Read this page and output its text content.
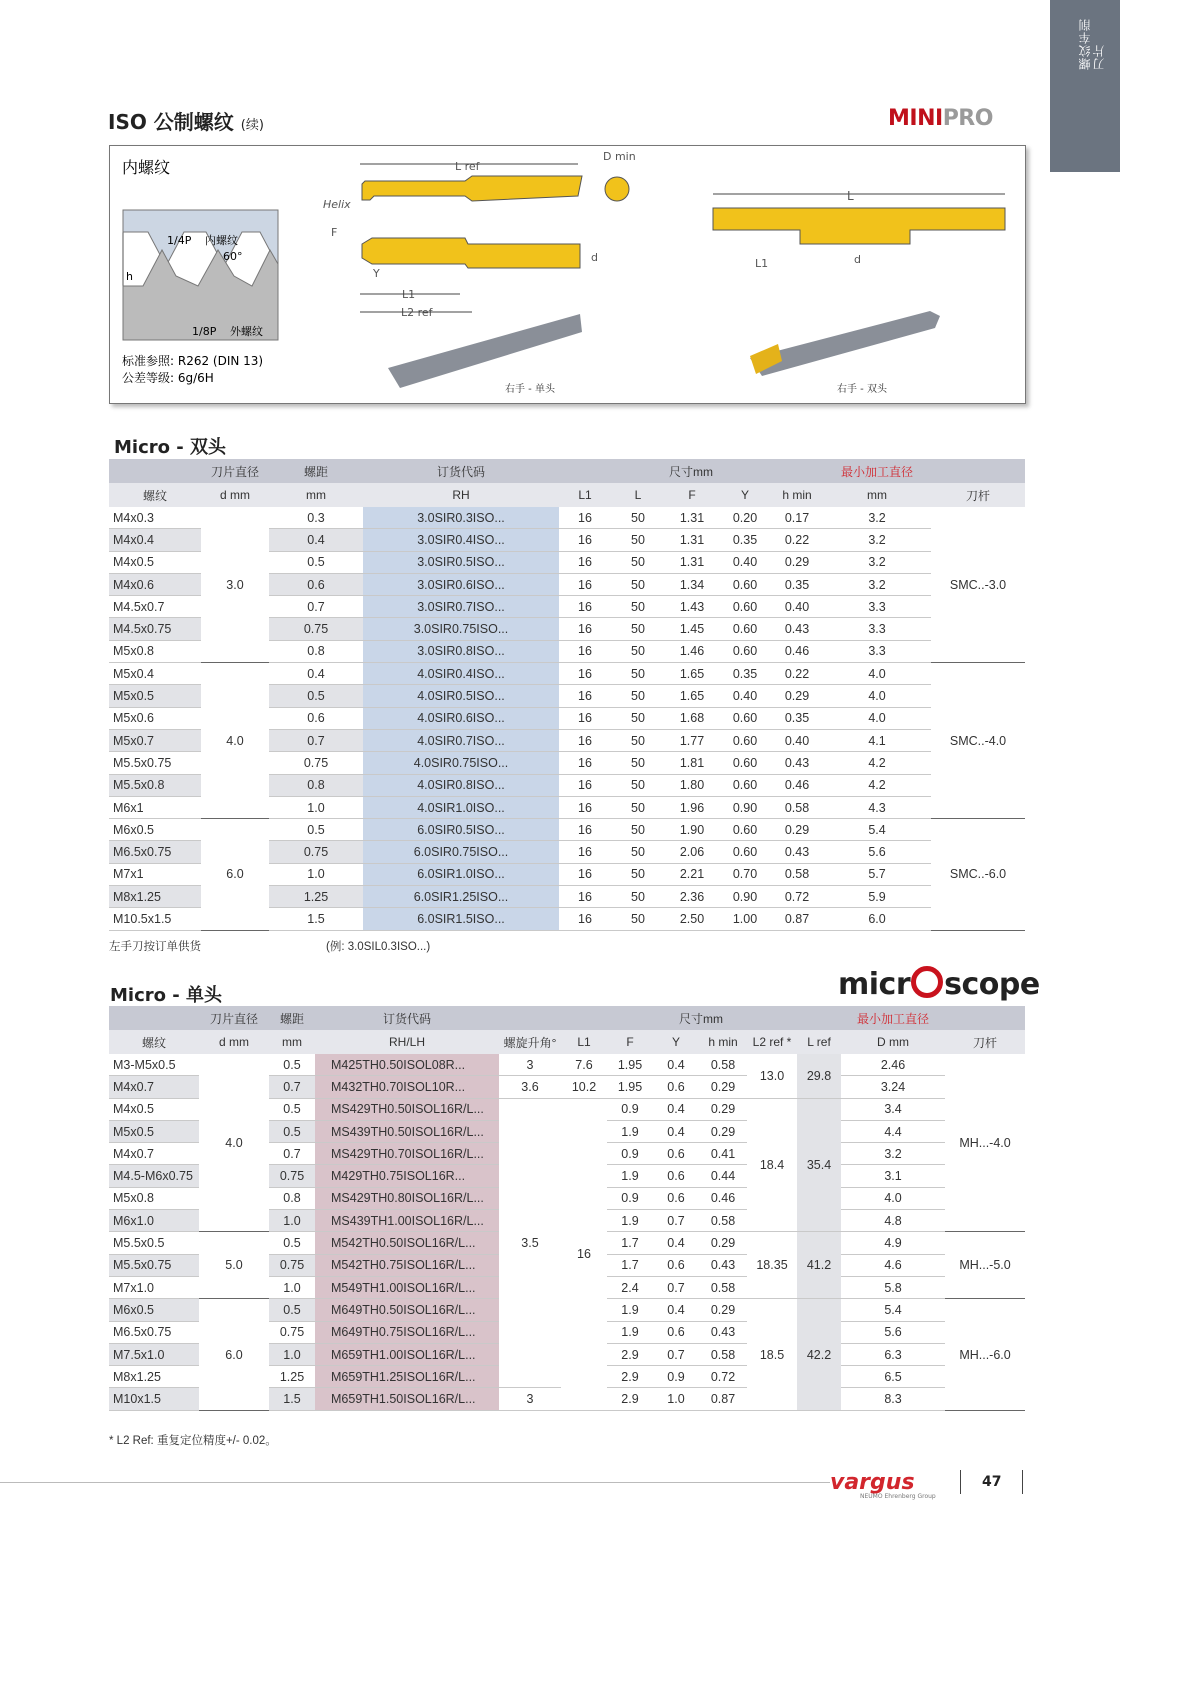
螺纹车削
刀片
ISO 公制螺纹 (续)	MINIPRO
内螺纹
1/4P 内螺纹
60°
h
1/8P 外螺纹
标准参照: R262 (DIN 13)
公差等级: 6g/6H
L ref
D min
Helix
F
Y
L1
L2 ref
d
右手 - 单头
L
L1	d
右手 - 双头
Micro - 双头
	刀片直径	螺距	订货代码	尺寸mm					最小加工直径	
螺纹	d mm	mm	RH	L1	L	F	Y	h min	mm	刀杆
M4x0.3	3.0	0.3	3.0SIR0.3ISO...	16	50	1.31	0.20	0.17	3.2	SMC..-3.0
M4x0.4		0.4	3.0SIR0.4ISO...	16	50	1.31	0.35	0.22	3.2	
M4x0.5		0.5	3.0SIR0.5ISO...	16	50	1.31	0.40	0.29	3.2	
M4x0.6		0.6	3.0SIR0.6ISO...	16	50	1.34	0.60	0.35	3.2	
M4.5x0.7		0.7	3.0SIR0.7ISO...	16	50	1.43	0.60	0.40	3.3	
M4.5x0.75		0.75	3.0SIR0.75ISO...	16	50	1.45	0.60	0.43	3.3	
M5x0.8		0.8	3.0SIR0.8ISO...	16	50	1.46	0.60	0.46	3.3	
M5x0.4	4.0	0.4	4.0SIR0.4ISO...	16	50	1.65	0.35	0.22	4.0	SMC..-4.0
M5x0.5		0.5	4.0SIR0.5ISO...	16	50	1.65	0.40	0.29	4.0	
M5x0.6		0.6	4.0SIR0.6ISO...	16	50	1.68	0.60	0.35	4.0	
M5x0.7		0.7	4.0SIR0.7ISO...	16	50	1.77	0.60	0.40	4.1	
M5.5x0.75		0.75	4.0SIR0.75ISO...	16	50	1.81	0.60	0.43	4.2	
M5.5x0.8		0.8	4.0SIR0.8ISO...	16	50	1.80	0.60	0.46	4.2	
M6x1		1.0	4.0SIR1.0ISO...	16	50	1.96	0.90	0.58	4.3	
M6x0.5	6.0	0.5	6.0SIR0.5ISO...	16	50	1.90	0.60	0.29	5.4	SMC..-6.0
M6.5x0.75		0.75	6.0SIR0.75ISO...	16	50	2.06	0.60	0.43	5.6	
M7x1		1.0	6.0SIR1.0ISO...	16	50	2.21	0.70	0.58	5.7	
M8x1.25		1.25	6.0SIR1.25ISO...	16	50	2.36	0.90	0.72	5.9	
M10.5x1.5		1.5	6.0SIR1.5ISO...	16	50	2.50	1.00	0.87	6.0	
左手刀按订单供货	(例: 3.0SIL0.3ISO...)
Micro - 单头	micr scope
	刀片直径	螺距	订货代码		尺寸mm						最小加工直径	
螺纹	d mm	mm	RH/LH	螺旋升角°	L1	F	Y	h min	L2 ref *	L ref	D mm	刀杆
M3-M5x0.5	4.0	0.5	M425TH0.50ISOL08R...	3	7.6	1.95	0.4	0.58	13.0	29.8	2.46	MH...-4.0
M4x0.7		0.7	M432TH0.70ISOL10R...	3.6	10.2	1.95	0.6	0.29			3.24	
M4x0.5		0.5	MS429TH0.50ISOL16R/L...	3.5	16	0.9	0.4	0.29	18.4	35.4	3.4	
M5x0.5		0.5	MS439TH0.50ISOL16R/L...			1.9	0.4	0.29			4.4	
M4x0.7		0.7	MS429TH0.70ISOL16R/L...			0.9	0.6	0.41			3.2	
M4.5-M6x0.75		0.75	M429TH0.75ISOL16R...			1.9	0.6	0.44			3.1	
M5x0.8		0.8	MS429TH0.80ISOL16R/L...			0.9	0.6	0.46			4.0	
M6x1.0		1.0	MS439TH1.00ISOL16R/L...			1.9	0.7	0.58			4.8	
M5.5x0.5	5.0	0.5	M542TH0.50ISOL16R/L...			1.7	0.4	0.29	18.35	41.2	4.9	MH...-5.0
M5.5x0.75		0.75	M542TH0.75ISOL16R/L...			1.7	0.6	0.43			4.6	
M7x1.0		1.0	M549TH1.00ISOL16R/L...			2.4	0.7	0.58			5.8	
M6x0.5	6.0	0.5	M649TH0.50ISOL16R/L...			1.9	0.4	0.29	18.5	42.2	5.4	MH...-6.0
M6.5x0.75		0.75	M649TH0.75ISOL16R/L...			1.9	0.6	0.43			5.6	
M7.5x1.0		1.0	M659TH1.00ISOL16R/L...			2.9	0.7	0.58			6.3	
M8x1.25		1.25	M659TH1.25ISOL16R/L...			2.9	0.9	0.72			6.5	
M10x1.5		1.5	M659TH1.50ISOL16R/L...	3		2.9	1.0	0.87			8.3	
* L2 Ref: 重复定位精度+/- 0.02。
vargus
NEUMO Ehrenberg Group
47
